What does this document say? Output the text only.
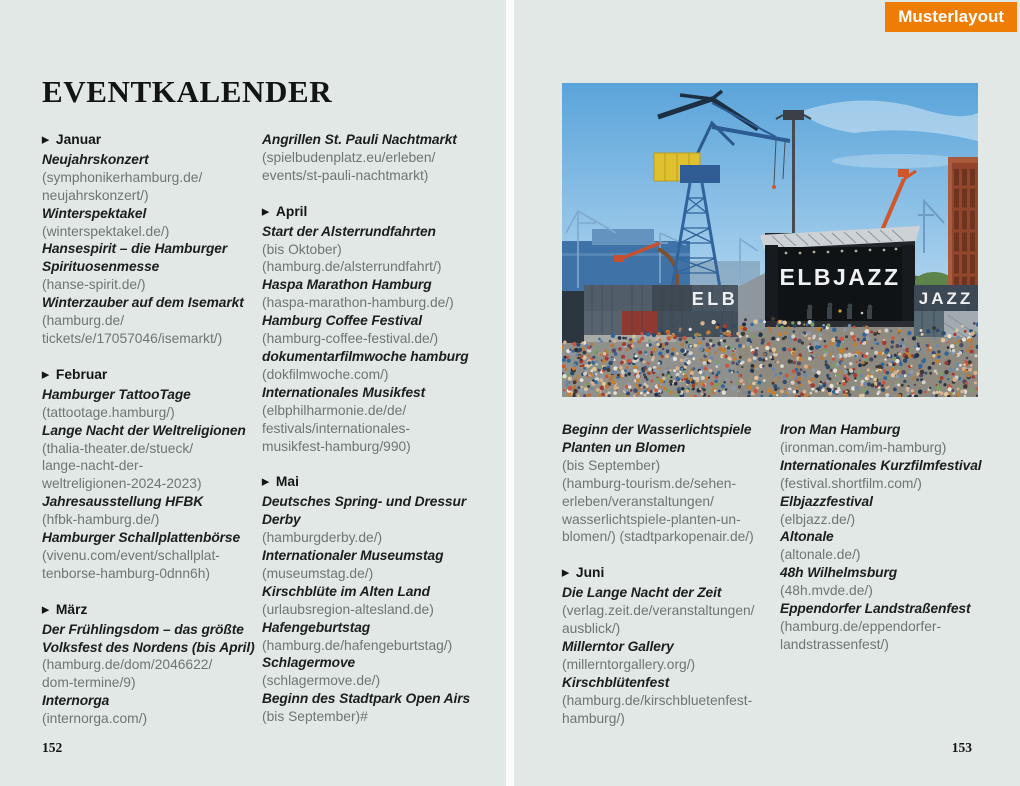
Musterlayout
EVENTKALENDER
▶ Januar
Neujahrskonzert
(symphonikerhamburg.de/
neujahrskonzert/)
Winterspektakel
(winterspektakel.de/)
Hansespirit – die Hamburger
Spirituosenmesse
(hanse-spirit.de/)
Winterzauber auf dem Isemarkt
(hamburg.de/
tickets/e/17057046/isemarkt/)
▶ Februar
Hamburger TattooTage
(tattootage.hamburg/)
Lange Nacht der Weltreligionen
(thalia-theater.de/stueck/
lange-nacht-der-
weltreligionen-2024-2023)
Jahresausstellung HFBK
(hfbk-hamburg.de/)
Hamburger Schallplattenbörse
(vivenu.com/event/schallplat-
tenborse-hamburg-0dnn6h)
▶ März
Der Frühlingsdom – das größte
Volksfest des Nordens (bis April)
(hamburg.de/dom/2046622/
dom-termine/9)
Internorga
(internorga.com/)
Angrillen St. Pauli Nachtmarkt
(spielbudenplatz.eu/erleben/
events/st-pauli-nachtmarkt)
▶ April
Start der Alsterrundfahrten
(bis Oktober)
(hamburg.de/alsterrundfahrt/)
Haspa Marathon Hamburg
(haspa-marathon-hamburg.de/)
Hamburg Coffee Festival
(hamburg-coffee-festival.de/)
dokumentarfilmwoche hamburg
(dokfilmwoche.com/)
Internationales Musikfest
(elbphilharmonie.de/de/
festivals/internationales-
musikfest-hamburg/990)
▶ Mai
Deutsches Spring- und Dressur
Derby
(hamburgderby.de/)
Internationaler Museumstag
(museumstag.de/)
Kirschblüte im Alten Land
(urlaubsregion-altesland.de)
Hafengeburtstag
(hamburg.de/hafengeburtstag/)
Schlagermove
(schlagermove.de/)
Beginn des Stadtpark Open Airs
(bis September)#
152
ELB
ELBJAZZ
JAZZ
Beginn der Wasserlichtspiele
Planten un Blomen
(bis September)
(hamburg-tourism.de/sehen-
erleben/veranstaltungen/
wasserlichtspiele-planten-un-
blomen/) (stadtparkopenair.de/)
▶ Juni
Die Lange Nacht der Zeit
(verlag.zeit.de/veranstaltungen/
ausblick/)
Millerntor Gallery
(millerntorgallery.org/)
Kirschblütenfest
(hamburg.de/kirschbluetenfest-
hamburg/)
Iron Man Hamburg
(ironman.com/im-hamburg)
Internationales Kurzfilmfestival
(festival.shortfilm.com/)
Elbjazzfestival
(elbjazz.de/)
Altonale
(altonale.de/)
48h Wilhelmsburg
(48h.mvde.de/)
Eppendorfer Landstraßenfest
(hamburg.de/eppendorfer-
landstrassenfest/)
153
